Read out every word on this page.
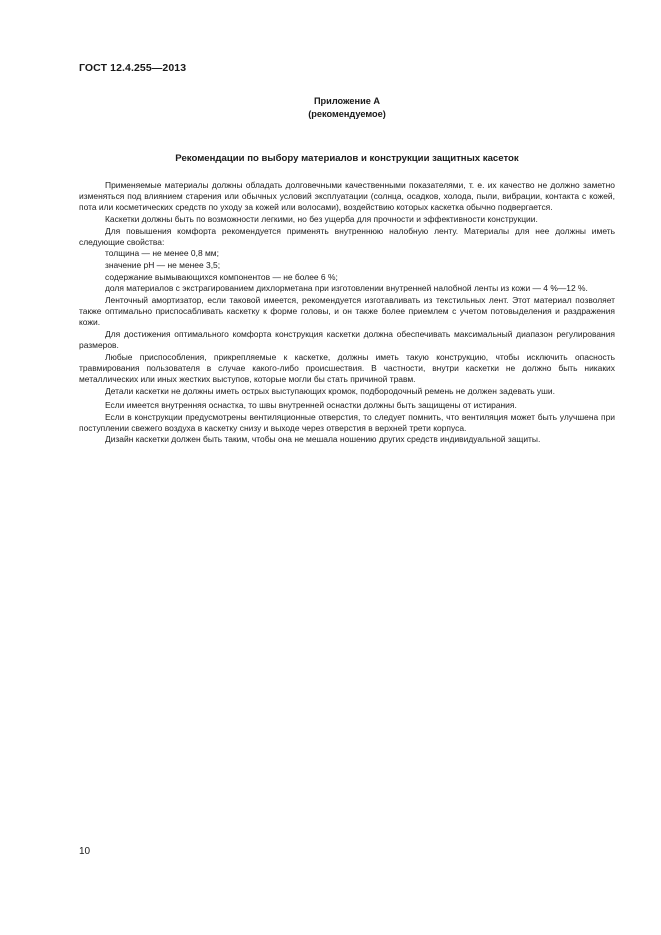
ГОСТ 12.4.255—2013
Приложение А
(рекомендуемое)
Рекомендации по выбору материалов и конструкции защитных касеток

Применяемые материалы должны обладать долговечными качественными показателями, т. е. их качество не должно заметно изменяться под влиянием старения или обычных условий эксплуатации (солнца, осадков, холода, пыли, вибрации, контакта с кожей, пота или косметических средств по уходу за кожей или волосами), воздействию которых каскетка обычно подвергается.

Каскетки должны быть по возможности легкими, но без ущерба для прочности и эффективности конструкции.

Для повышения комфорта рекомендуется применять внутреннюю налобную ленту. Материалы для нее должны иметь следующие свойства:

толщина — не менее 0,8 мм;

значение рН — не менее 3,5;

содержание вымывающихся компонентов — не более 6 %;

доля материалов с экстрагированием дихлорметана при изготовлении внутренней налобной ленты из кожи — 4 %—12 %.

Ленточный амортизатор, если таковой имеется, рекомендуется изготавливать из текстильных лент. Этот материал позволяет также оптимально приспосабливать каскетку к форме головы, и он также более приемлем с учетом потовыделения и раздражения кожи.

Для достижения оптимального комфорта конструкция каскетки должна обеспечивать максимальный диапазон регулирования размеров.

Любые приспособления, прикрепляемые к каскетке, должны иметь такую конструкцию, чтобы исключить опасность травмирования пользователя в случае какого-либо происшествия. В частности, внутри каскетки не должно быть никаких металлических или иных жестких выступов, которые могли бы стать причиной травм.

Детали каскетки не должны иметь острых выступающих кромок, подбородочный ремень не должен задевать уши.

Если имеется внутренняя оснастка, то швы внутренней оснастки должны быть защищены от истирания.

Если в конструкции предусмотрены вентиляционные отверстия, то следует помнить, что вентиляция может быть улучшена при поступлении свежего воздуха в каскетку снизу и выходе через отверстия в верхней трети корпуса.

Дизайн каскетки должен быть таким, чтобы она не мешала ношению других средств индивидуальной защиты.

10
